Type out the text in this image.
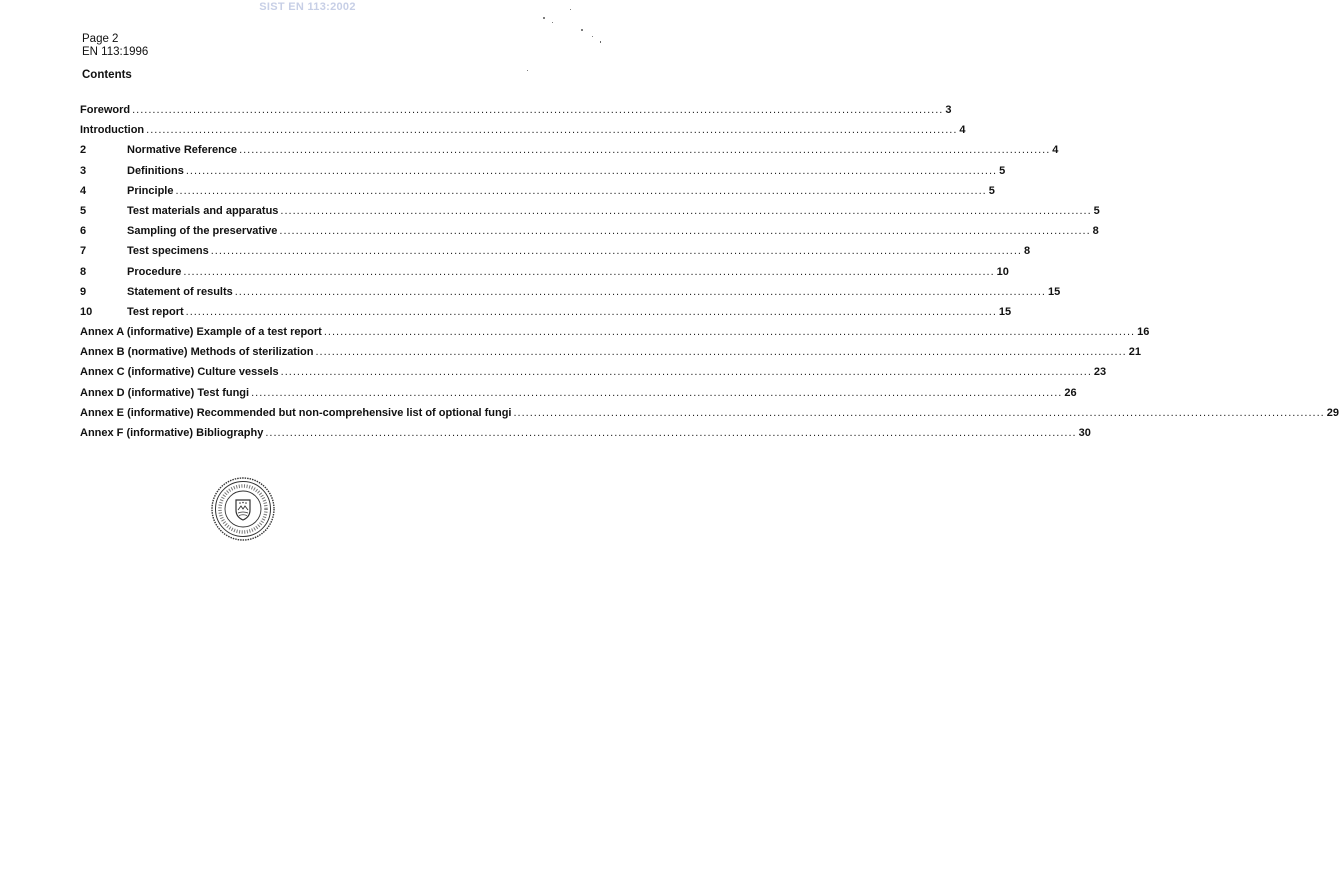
SIST EN 113:2002
Page 2
EN 113:1996
Contents
Foreword ........................................................................................................................................................................................................ 3
Introduction ........................................................................................................................................................................................................ 4
2	Normative Reference ........................................................................................................................................................................................................ 4
3	Definitions ........................................................................................................................................................................................................ 5
4	Principle ........................................................................................................................................................................................................ 5
5	Test materials and apparatus ........................................................................................................................................................................................................ 5
6	Sampling of the preservative ........................................................................................................................................................................................................ 8
7	Test specimens ........................................................................................................................................................................................................ 8
8	Procedure ........................................................................................................................................................................................................ 10
9	Statement of results ........................................................................................................................................................................................................ 15
10	Test report ........................................................................................................................................................................................................ 15
Annex A (informative) Example of a test report ........................................................................................................................................................................................................ 16
Annex B (normative) Methods of sterilization ........................................................................................................................................................................................................ 21
Annex C (informative) Culture vessels ........................................................................................................................................................................................................ 23
Annex D (informative) Test fungi ........................................................................................................................................................................................................ 26
Annex E (informative) Recommended but non-comprehensive list of optional fungi ........................................................................................................................................................................................................ 29
Annex F (informative) Bibliography ........................................................................................................................................................................................................ 30
